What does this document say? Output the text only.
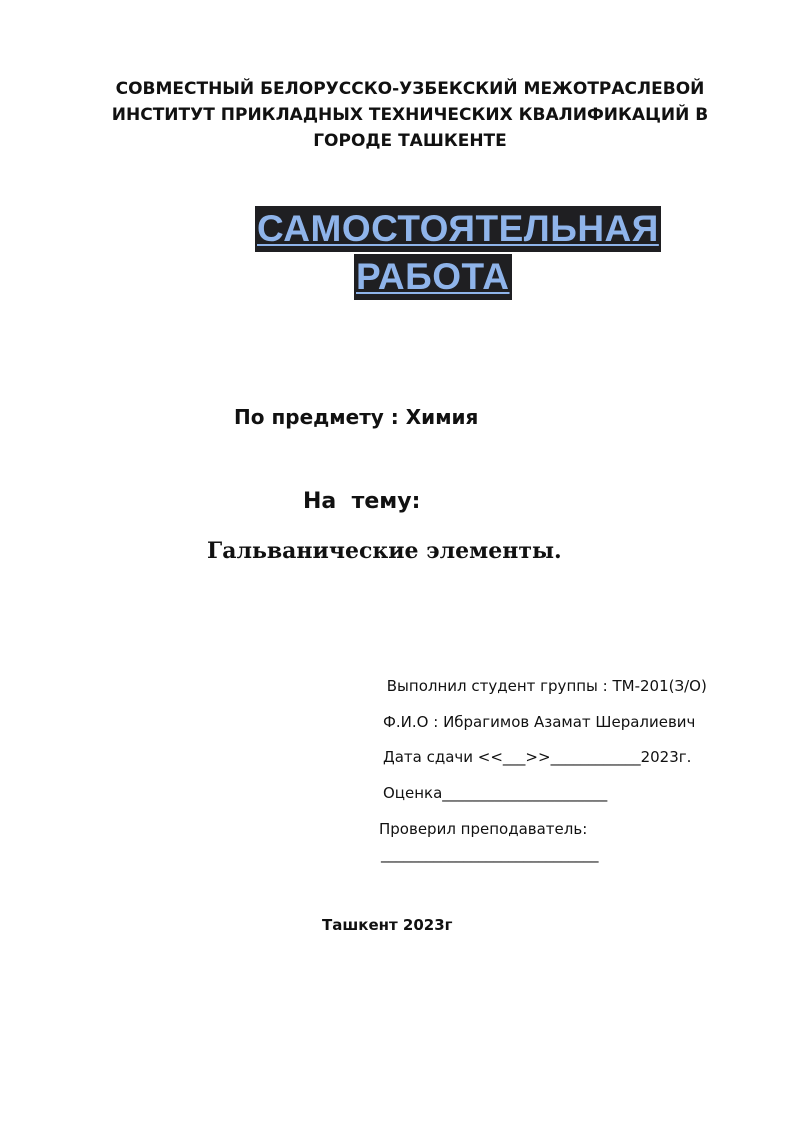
СОВМЕСТНЫЙ БЕЛОРУССКО-УЗБЕКСКИЙ МЕЖОТРАСЛЕВОЙ
ИНСТИТУТ ПРИКЛАДНЫХ ТЕХНИЧЕСКИХ КВАЛИФИКАЦИЙ В
ГОРОДЕ ТАШКЕНТЕ
САМОСТОЯТЕЛЬНАЯ
РАБОТА
По предмету : Химия
На  тему:
Гальванические элементы.
Выполнил студент группы : ТМ-201(З/О)
Ф.И.О : Ибрагимов Азамат Шералиевич
Дата сдачи <<___>>____________2023г.
Оценка______________________
Проверил преподаватель:
_____________________________
Ташкент 2023г
